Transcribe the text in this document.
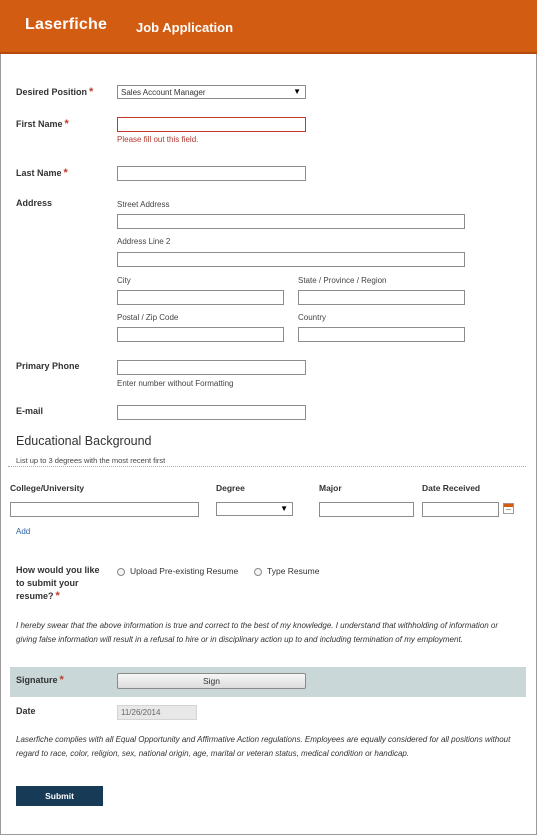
Laserfiche Job Application
Desired Position *	Sales Account Manager	▼
First Name *
Please fill out this field.
Last Name *
Address	Street Address
Address Line 2
City	State / Province / Region
Postal / Zip Code	Country
Primary Phone
Enter number without Formatting
E-mail
Educational Background
List up to 3 degrees with the most recent first
College/University	Degree	Major	Date Received
▼
Add
How would you like to submit your resume? *
Upload Pre-existing Resume	Type Resume
I hereby swear that the above information is true and correct to the best of my knowledge. I understand that withholding of information or giving false information will result in a refusal to hire or in disciplinary action up to and including termination of my employment.
Signature *	Sign
Date	11/26/2014
Laserfiche complies with all Equal Opportunity and Affirmative Action regulations. Employees are equally considered for all positions without regard to race, color, religion, sex, national origin, age, marital or veteran status, medical condition or handicap.
Submit
